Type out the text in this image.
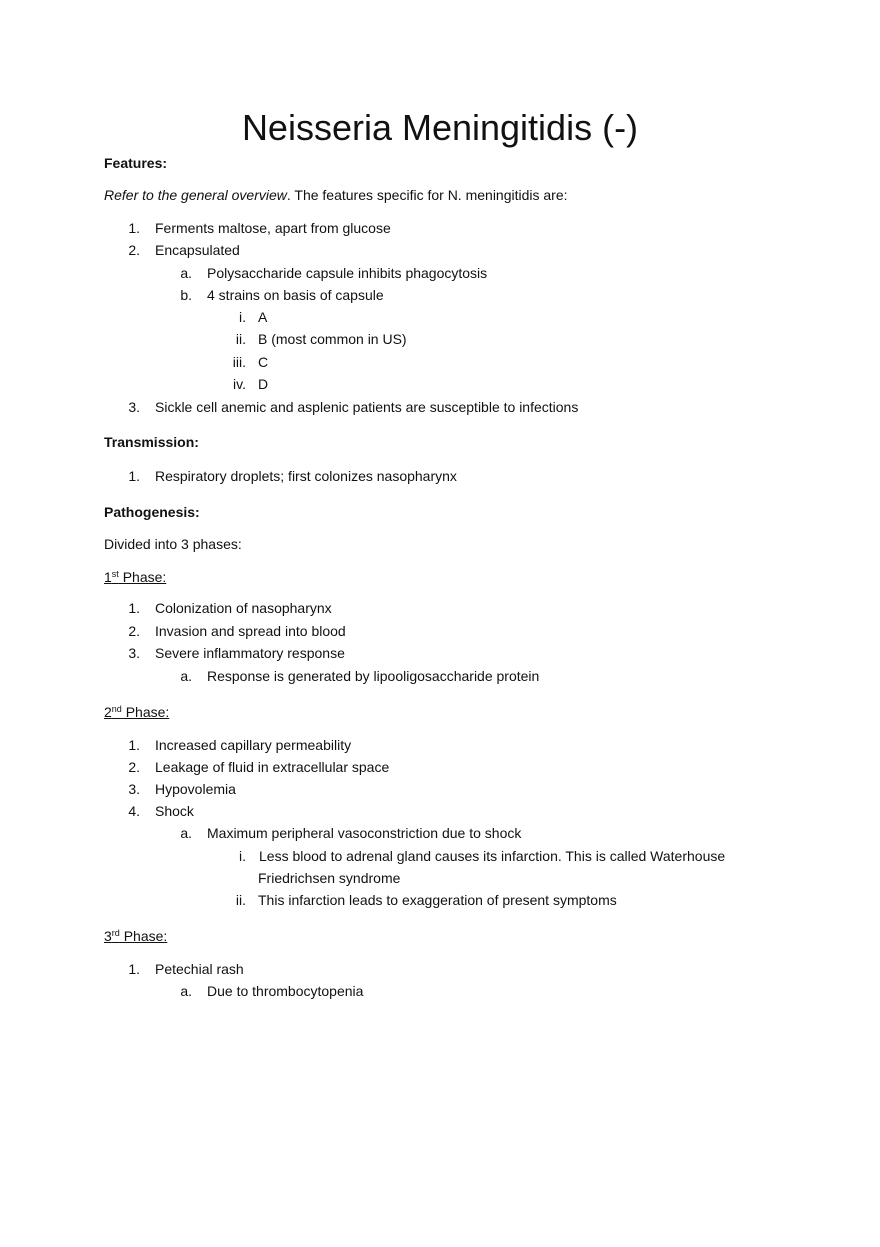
Neisseria Meningitidis (-)
Features:
Refer to the general overview. The features specific for N. meningitidis are:
1. Ferments maltose, apart from glucose
2. Encapsulated
a. Polysaccharide capsule inhibits phagocytosis
b. 4 strains on basis of capsule
i. A
ii. B (most common in US)
iii. C
iv. D
3. Sickle cell anemic and asplenic patients are susceptible to infections
Transmission:
1. Respiratory droplets; first colonizes nasopharynx
Pathogenesis:
Divided into 3 phases:
1st Phase:
1. Colonization of nasopharynx
2. Invasion and spread into blood
3. Severe inflammatory response
a. Response is generated by lipooligosaccharide protein
2nd Phase:
1. Increased capillary permeability
2. Leakage of fluid in extracellular space
3. Hypovolemia
4. Shock
a. Maximum peripheral vasoconstriction due to shock
i. Less blood to adrenal gland causes its infarction. This is called Waterhouse
Friedrichsen syndrome
ii. This infarction leads to exaggeration of present symptoms
3rd Phase:
1. Petechial rash
a. Due to thrombocytopenia
